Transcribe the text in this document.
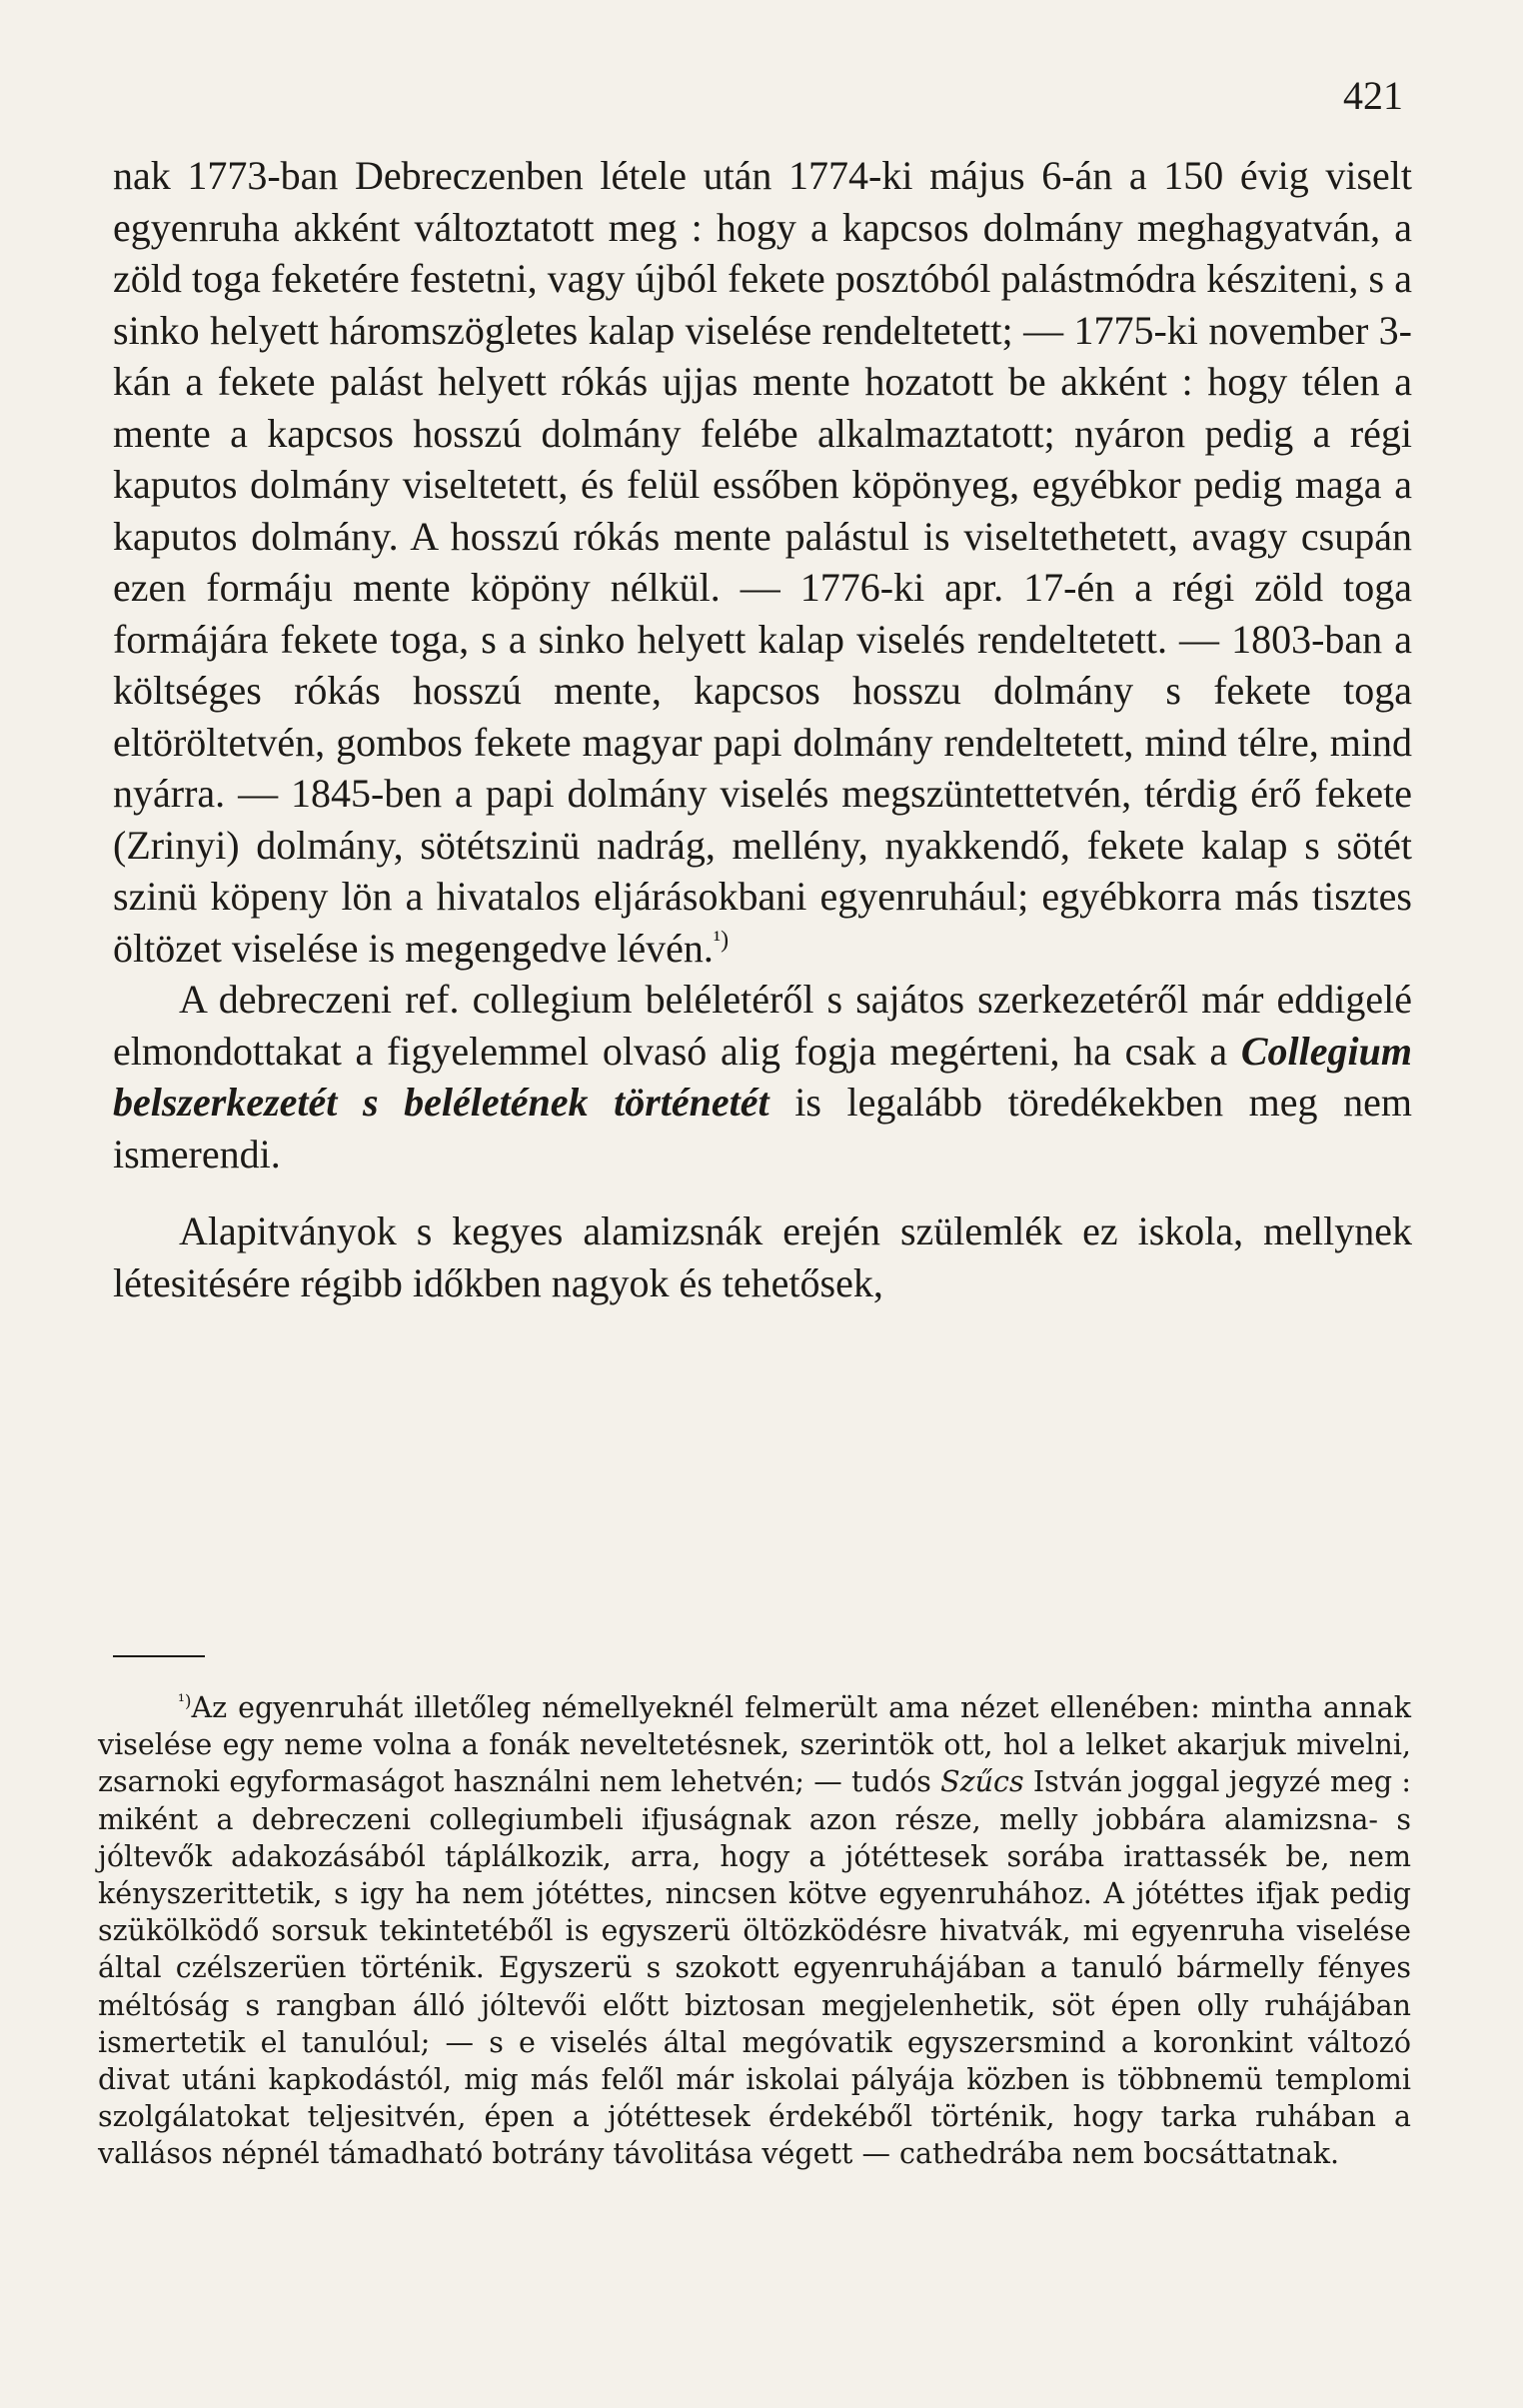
421

nak 1773-ban Debreczenben létele után 1774-ki május 6-án a 150 évig viselt egyenruha akként változtatott meg : hogy a kapcsos dolmány meghagyatván, a zöld toga feketére festetni, vagy újból fekete posztóból palástmódra késziteni, s a sinko helyett háromszögletes kalap viselése rendeltetett; — 1775-ki november 3-kán a fekete palást helyett rókás ujjas mente hozatott be akként : hogy télen a mente a kapcsos hosszú dolmány felébe alkalmaztatott; nyáron pedig a régi kaputos dolmány viseltetett, és felül essőben köpönyeg, egyébkor pedig maga a kaputos dolmány. A hosszú rókás mente palástul is viseltethetett, avagy csupán ezen formáju mente köpöny nélkül. — 1776-ki apr. 17-én a régi zöld toga formájára fekete toga, s a sinko helyett kalap viselés rendeltetett. — 1803-ban a költséges rókás hosszú mente, kapcsos hosszu dolmány s fekete toga eltöröltetvén, gombos fekete magyar papi dolmány rendeltetett, mind télre, mind nyárra. — 1845-ben a papi dolmány viselés megszüntettetvén, térdig érő fekete (Zrinyi) dolmány, sötétszinü nadrág, mellény, nyakkendő, fekete kalap s sötét szinü köpeny lön a hivatalos eljárásokbani egyenruhául; egyébkorra más tisztes öltözet viselése is megengedve lévén.$^{^1)}$

A debreczeni ref. collegium beléletéről s sajátos szerkezetéről már eddigelé elmondottakat a figyelemmel olvasó alig fogja megérteni, ha csak a Collegium belszerkezetét s beléletének történetét is legalább töredékekben meg nem ismerendi.

Alapitványok s kegyes alamizsnák erején szülemlék ez iskola, mellynek létesitésére régibb időkben nagyok és tehetősek,

$^{^1)}$Az egyenruhát illetőleg némellyeknél felmerült ama nézet ellenében: mintha annak viselése egy neme volna a fonák neveltetésnek, szerintök ott, hol a lelket akarjuk mivelni, zsarnoki egyformaságot használni nem lehetvén; — tudós Szűcs István joggal jegyzé meg : miként a debreczeni collegiumbeli ifjuságnak azon része, melly jobbára alamizsna- s jóltevők adakozásából táplálkozik, arra, hogy a jótéttesek sorába irattassék be, nem kényszerittetik, s igy ha nem jótéttes, nincsen kötve egyenruhához. A jótéttes ifjak pedig szükölködő sorsuk tekintetéből is egyszerü öltözködésre hivatvák, mi egyenruha viselése által czélszerüen történik. Egyszerü s szokott egyenruhájában a tanuló bármelly fényes méltóság s rangban álló jóltevői előtt biztosan megjelenhetik, söt épen olly ruhájában ismertetik el tanulóul; — s e viselés által megóvatik egyszersmind a koronkint változó divat utáni kapkodástól, mig más felől már iskolai pályája közben is többnemü templomi szolgálatokat teljesitvén, épen a jótéttesek érdekéből történik, hogy tarka ruhában a vallásos népnél támadható botrány távolitása végett — cathedrába nem bocsáttatnak.
